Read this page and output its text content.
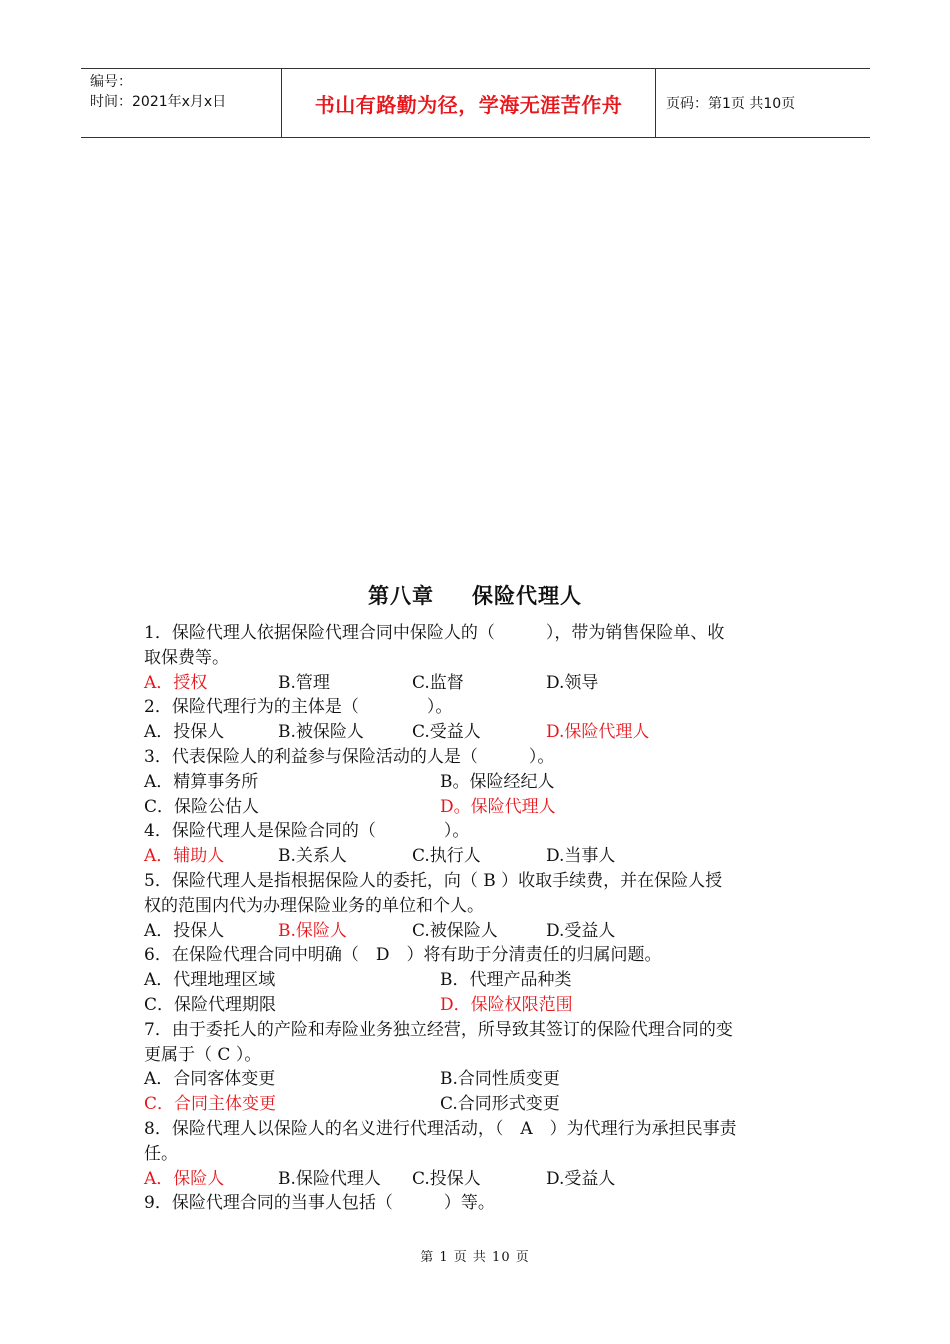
编号：
时间：2021年x月x日	书山有路勤为径，学海无涯苦作舟	页码：第1页 共10页
第八章 保险代理人

1．保险代理人依据保险代理合同中保险人的（　　　），带为销售保险单、收

取保费等。

A．授权	B.管理	C.监督	D.领导

2．保险代理行为的主体是（　　　　）。

A．投保人	B.被保险人	C.受益人	D.保险代理人

3．代表保险人的利益参与保险活动的人是（　　　）。

A．精算事务所	B。保险经纪人
C．保险公估人	D。保险代理人

4．保险代理人是保险合同的（　　　　）。

A．辅助人	B.关系人	C.执行人	D.当事人

5．保险代理人是指根据保险人的委托，向（ B ）收取手续费，并在保险人授

权的范围内代为办理保险业务的单位和个人。

A．投保人	B.保险人	C.被保险人	D.受益人

6．在保险代理合同中明确（　D　）将有助于分清责任的归属问题。

A．代理地理区域	B．代理产品种类
C．保险代理期限	D．保险权限范围

7．由于委托人的产险和寿险业务独立经营，所导致其签订的保险代理合同的变

更属于（ C ）。

A．合同客体变更	B.合同性质变更
C．合同主体变更	C.合同形式变更

8．保险代理人以保险人的名义进行代理活动，（　A　）为代理行为承担民事责

任。

A．保险人	B.保险代理人	C.投保人	D.受益人

9．保险代理合同的当事人包括（　　　）等。

第 1 页 共 10 页
